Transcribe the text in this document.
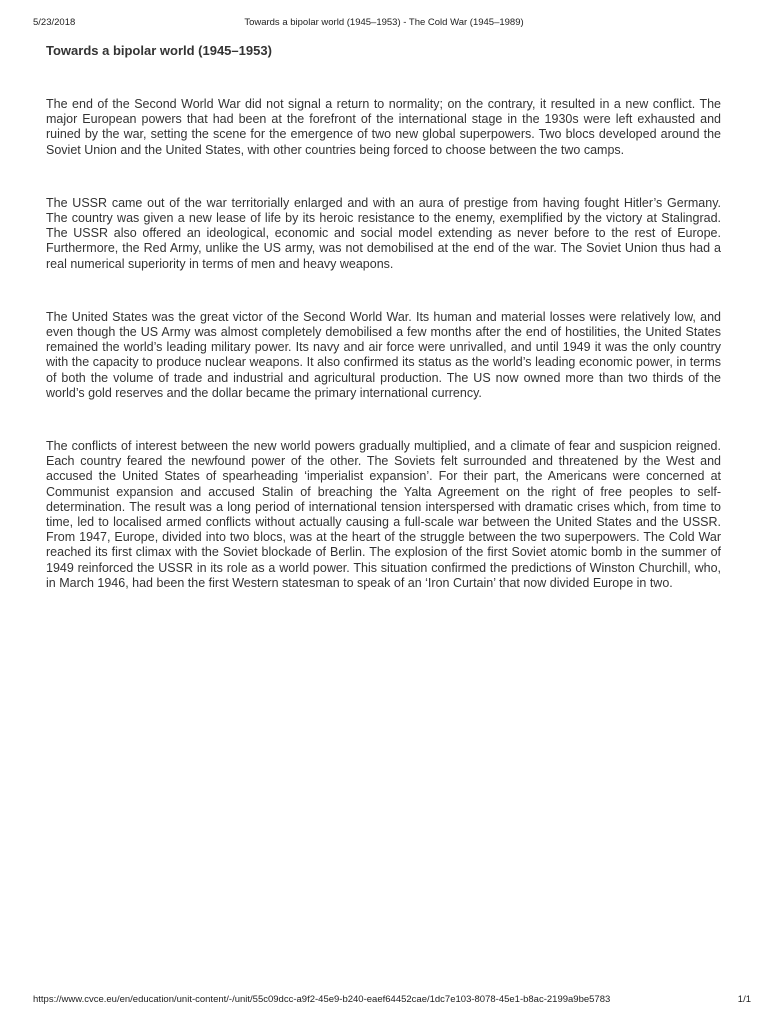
5/23/2018	Towards a bipolar world (1945–1953) - The Cold War (1945–1989)
Towards a bipolar world (1945–1953)

The end of the Second World War did not signal a return to normality; on the contrary, it resulted in a new conflict. The major European powers that had been at the forefront of the international stage in the 1930s were left exhausted and ruined by the war, setting the scene for the emergence of two new global superpowers. Two blocs developed around the Soviet Union and the United States, with other countries being forced to choose between the two camps.

The USSR came out of the war territorially enlarged and with an aura of prestige from having fought Hitler’s Germany. The country was given a new lease of life by its heroic resistance to the enemy, exemplified by the victory at Stalingrad. The USSR also offered an ideological, economic and social model extending as never before to the rest of Europe. Furthermore, the Red Army, unlike the US army, was not demobilised at the end of the war. The Soviet Union thus had a real numerical superiority in terms of men and heavy weapons.

The United States was the great victor of the Second World War. Its human and material losses were relatively low, and even though the US Army was almost completely demobilised a few months after the end of hostilities, the United States remained the world’s leading military power. Its navy and air force were unrivalled, and until 1949 it was the only country with the capacity to produce nuclear weapons. It also confirmed its status as the world’s leading economic power, in terms of both the volume of trade and industrial and agricultural production. The US now owned more than two thirds of the world’s gold reserves and the dollar became the primary international currency.

The conflicts of interest between the new world powers gradually multiplied, and a climate of fear and suspicion reigned. Each country feared the newfound power of the other. The Soviets felt surrounded and threatened by the West and accused the United States of spearheading ‘imperialist expansion’. For their part, the Americans were concerned at Communist expansion and accused Stalin of breaching the Yalta Agreement on the right of free peoples to self-determination. The result was a long period of international tension interspersed with dramatic crises which, from time to time, led to localised armed conflicts without actually causing a full-scale war between the United States and the USSR. From 1947, Europe, divided into two blocs, was at the heart of the struggle between the two superpowers. The Cold War reached its first climax with the Soviet blockade of Berlin. The explosion of the first Soviet atomic bomb in the summer of 1949 reinforced the USSR in its role as a world power. This situation confirmed the predictions of Winston Churchill, who, in March 1946, had been the first Western statesman to speak of an ‘Iron Curtain’ that now divided Europe in two.

https://www.cvce.eu/en/education/unit-content/-/unit/55c09dcc-a9f2-45e9-b240-eaef64452cae/1dc7e103-8078-45e1-b8ac-2199a9be5783	1/1
